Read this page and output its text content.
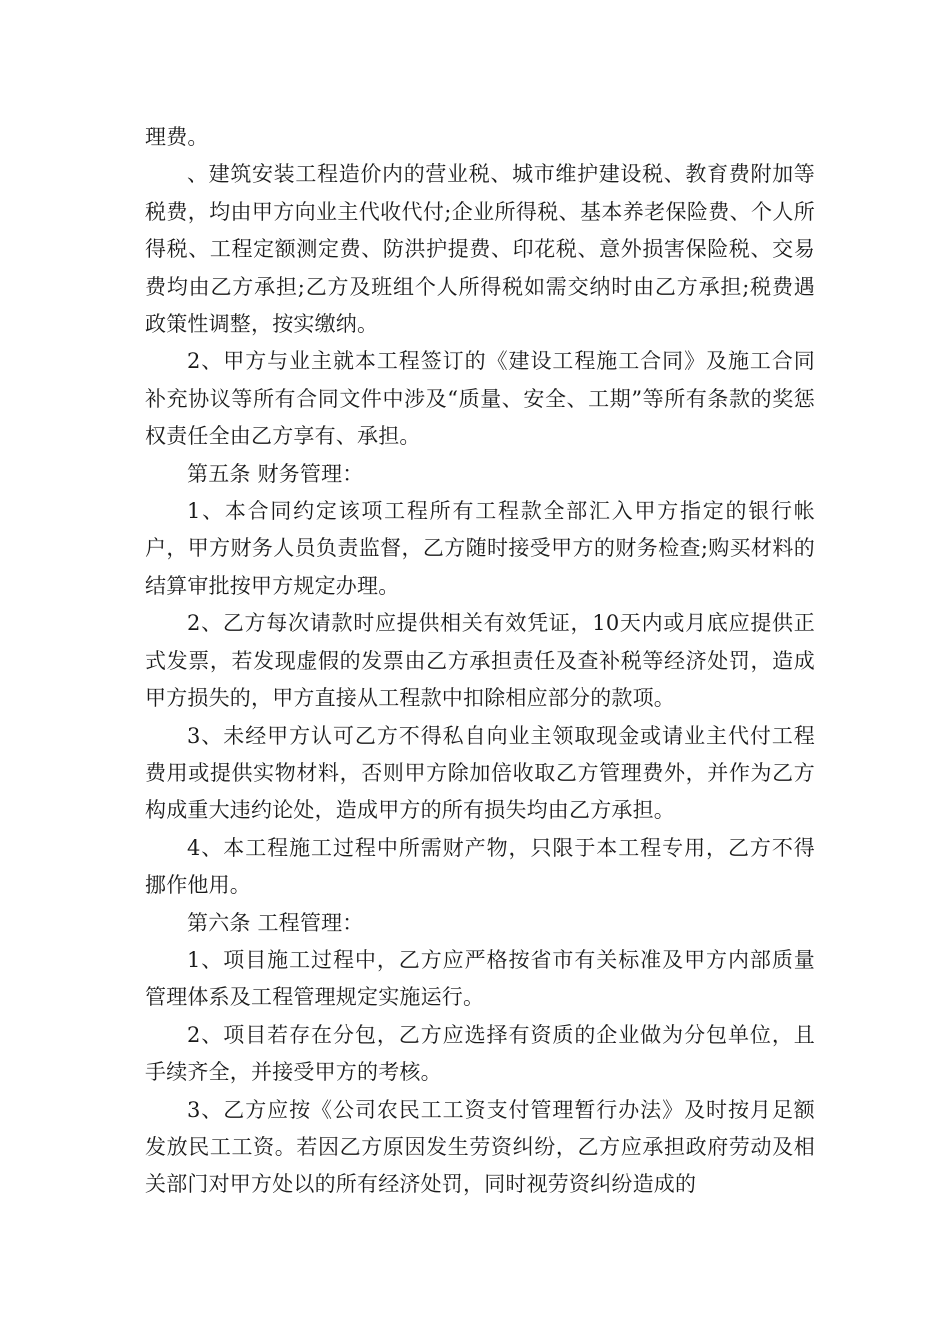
理费。

、建筑安装工程造价内的营业税、城市维护建设税、教育费附加等税费，均由甲方向业主代收代付;企业所得税、基本养老保险费、个人所得税、工程定额测定费、防洪护提费、印花税、意外损害保险税、交易费均由乙方承担;乙方及班组个人所得税如需交纳时由乙方承担;税费遇政策性调整，按实缴纳。

2、甲方与业主就本工程签订的《建设工程施工合同》及施工合同补充协议等所有合同文件中涉及“质量、安全、工期”等所有条款的奖惩权责任全由乙方享有、承担。

第五条 财务管理：

1、本合同约定该项工程所有工程款全部汇入甲方指定的银行帐户，甲方财务人员负责监督，乙方随时接受甲方的财务检查;购买材料的结算审批按甲方规定办理。

2、乙方每次请款时应提供相关有效凭证，10天内或月底应提供正式发票，若发现虚假的发票由乙方承担责任及查补税等经济处罚，造成甲方损失的，甲方直接从工程款中扣除相应部分的款项。

3、未经甲方认可乙方不得私自向业主领取现金或请业主代付工程费用或提供实物材料，否则甲方除加倍收取乙方管理费外，并作为乙方构成重大违约论处，造成甲方的所有损失均由乙方承担。

4、本工程施工过程中所需财产物，只限于本工程专用，乙方不得挪作他用。

第六条 工程管理：

1、项目施工过程中，乙方应严格按省市有关标准及甲方内部质量管理体系及工程管理规定实施运行。

2、项目若存在分包，乙方应选择有资质的企业做为分包单位，且手续齐全，并接受甲方的考核。

3、乙方应按《公司农民工工资支付管理暂行办法》及时按月足额发放民工工资。若因乙方原因发生劳资纠纷，乙方应承担政府劳动及相关部门对甲方处以的所有经济处罚，同时视劳资纠纷造成的
